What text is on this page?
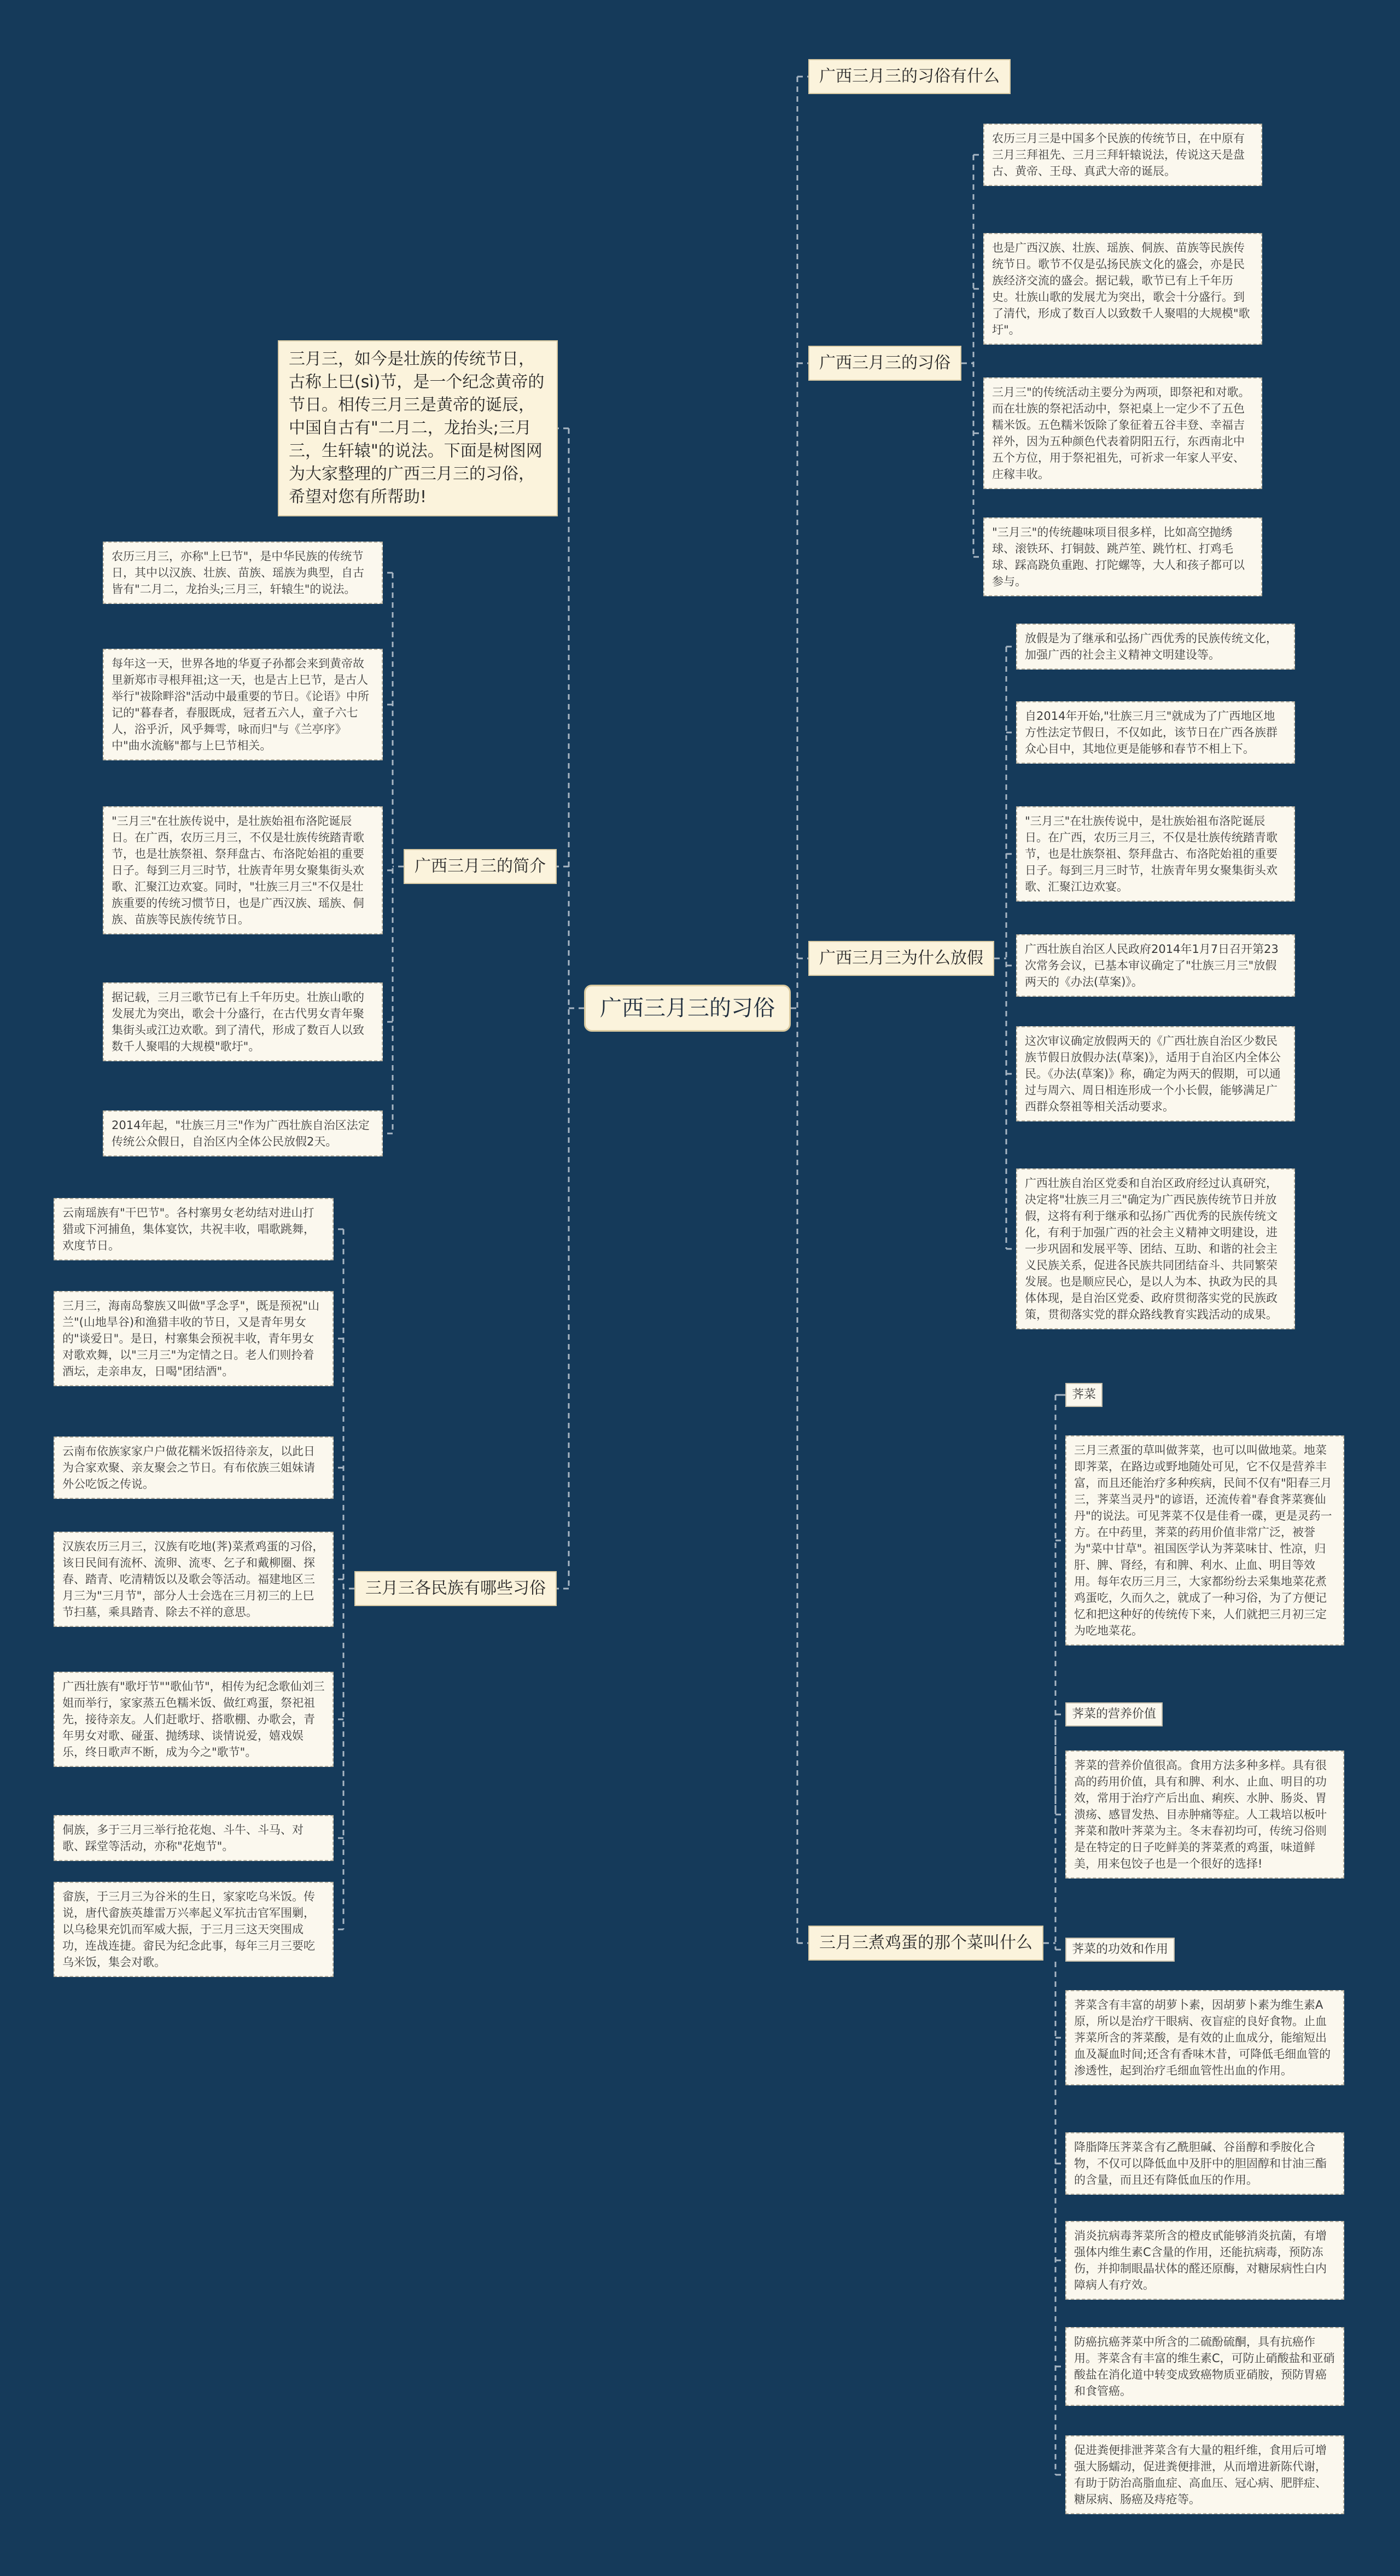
广西三月三的习俗
三月三，如今是壮族的传统节日，古称上巳(sì)节，是一个纪念黄帝的节日。相传三月三是黄帝的诞辰，中国自古有"二月二，龙抬头;三月三，生轩辕"的说法。下面是树图网为大家整理的广西三月三的习俗，希望对您有所帮助!
广西三月三的习俗有什么
广西三月三的习俗
广西三月三为什么放假
三月三煮鸡蛋的那个菜叫什么
广西三月三的简介
三月三各民族有哪些习俗
农历三月三是中国多个民族的传统节日，在中原有三月三拜祖先、三月三拜轩辕说法，传说这天是盘古、黄帝、王母、真武大帝的诞辰。
也是广西汉族、壮族、瑶族、侗族、苗族等民族传统节日。歌节不仅是弘扬民族文化的盛会，亦是民族经济交流的盛会。据记载，歌节已有上千年历史。壮族山歌的发展尤为突出，歌会十分盛行。到了清代，形成了数百人以致数千人聚唱的大规模"歌圩"。
三月三"的传统活动主要分为两项，即祭祀和对歌。而在壮族的祭祀活动中，祭祀桌上一定少不了五色糯米饭。五色糯米饭除了象征着五谷丰登、幸福吉祥外，因为五种颜色代表着阴阳五行，东西南北中五个方位，用于祭祀祖先，可祈求一年家人平安、庄稼丰收。
"三月三"的传统趣味项目很多样，比如高空抛绣球、滚铁环、打铜鼓、跳芦笙、跳竹杠、打鸡毛球、踩高跷负重跑、打陀螺等，大人和孩子都可以参与。
放假是为了继承和弘扬广西优秀的民族传统文化，加强广西的社会主义精神文明建设等。
自2014年开始,"壮族三月三"就成为了广西地区地方性法定节假日，不仅如此，该节日在广西各族群众心目中，其地位更是能够和春节不相上下。
"三月三"在壮族传说中，是壮族始祖布洛陀诞辰日。在广西，农历三月三，不仅是壮族传统踏青歌节，也是壮族祭祖、祭拜盘古、布洛陀始祖的重要日子。每到三月三时节，壮族青年男女聚集街头欢歌、汇聚江边欢宴。
广西壮族自治区人民政府2014年1月7日召开第23次常务会议，已基本审议确定了"壮族三月三"放假两天的《办法(草案)》。
这次审议确定放假两天的《广西壮族自治区少数民族节假日放假办法(草案)》，适用于自治区内全体公民。《办法(草案)》称，确定为两天的假期，可以通过与周六、周日相连形成一个小长假，能够满足广西群众祭祖等相关活动要求。
广西壮族自治区党委和自治区政府经过认真研究，决定将"壮族三月三"确定为广西民族传统节日并放假，这将有利于继承和弘扬广西优秀的民族传统文化，有利于加强广西的社会主义精神文明建设，进一步巩固和发展平等、团结、互助、和谐的社会主义民族关系，促进各民族共同团结奋斗、共同繁荣发展。也是顺应民心，是以人为本、执政为民的具体体现，是自治区党委、政府贯彻落实党的民族政策，贯彻落实党的群众路线教育实践活动的成果。
荠菜
三月三煮蛋的草叫做荠菜，也可以叫做地菜。地菜即荠菜，在路边或野地随处可见，它不仅是营养丰富，而且还能治疗多种疾病，民间不仅有"阳春三月三，荠菜当灵丹"的谚语，还流传着"春食荠菜赛仙丹"的说法。可见荠菜不仅是佳肴一碟，更是灵药一方。在中药里，荠菜的药用价值非常广泛，被誉为"菜中甘草"。祖国医学认为荠菜味甘、性凉，归肝、脾、肾经，有和脾、利水、止血、明目等效用。每年农历三月三，大家都纷纷去采集地菜花煮鸡蛋吃，久而久之，就成了一种习俗，为了方便记忆和把这种好的传统传下来，人们就把三月初三定为吃地菜花。
荠菜的营养价值
荠菜的营养价值很高。食用方法多种多样。具有很高的药用价值，具有和脾、利水、止血、明目的功效，常用于治疗产后出血、痢疾、水肿、肠炎、胃溃疡、感冒发热、目赤肿痛等症。人工栽培以板叶荠菜和散叶荠菜为主。冬末春初均可，传统习俗则是在特定的日子吃鲜美的荠菜煮的鸡蛋，味道鲜美，用来包饺子也是一个很好的选择!
荠菜的功效和作用
荠菜含有丰富的胡萝卜素，因胡萝卜素为维生素A原，所以是治疗干眼病、夜盲症的良好食物。止血荠菜所含的荠菜酸，是有效的止血成分，能缩短出血及凝血时间;还含有香味木昔，可降低毛细血管的渗透性，起到治疗毛细血管性出血的作用。
降脂降压荠菜含有乙酰胆碱、谷甾醇和季胺化合物，不仅可以降低血中及肝中的胆固醇和甘油三酯的含量，而且还有降低血压的作用。
消炎抗病毒荠菜所含的橙皮甙能够消炎抗菌，有增强体内维生素C含量的作用，还能抗病毒，预防冻伤，并抑制眼晶状体的醛还原酶，对糖尿病性白内障病人有疗效。
防癌抗癌荠菜中所含的二硫酚硫酮，具有抗癌作用。荠菜含有丰富的维生素C，可防止硝酸盐和亚硝酸盐在消化道中转变成致癌物质亚硝胺，预防胃癌和食管癌。
促进粪便排泄荠菜含有大量的粗纤维，食用后可增强大肠蠕动，促进粪便排泄，从而增进新陈代谢，有助于防治高脂血症、高血压、冠心病、肥胖症、糖尿病、肠癌及痔疮等。
农历三月三，亦称"上巳节"，是中华民族的传统节日，其中以汉族、壮族、苗族、瑶族为典型，自古皆有"二月二，龙抬头;三月三，轩辕生"的说法。
每年这一天，世界各地的华夏子孙都会来到黄帝故里新郑市寻根拜祖;这一天，也是古上巳节，是古人举行"祓除畔浴"活动中最重要的节日。《论语》中所记的"暮春者，春服既成，冠者五六人，童子六七人，浴乎沂，风乎舞雩，咏而归"与《兰亭序》中"曲水流觞"都与上巳节相关。
"三月三"在壮族传说中，是壮族始祖布洛陀诞辰日。在广西，农历三月三，不仅是壮族传统踏青歌节，也是壮族祭祖、祭拜盘古、布洛陀始祖的重要日子。每到三月三时节，壮族青年男女聚集街头欢歌、汇聚江边欢宴。同时，"壮族三月三"不仅是壮族重要的传统习惯节日，也是广西汉族、瑶族、侗族、苗族等民族传统节日。
据记载，三月三歌节已有上千年历史。壮族山歌的发展尤为突出，歌会十分盛行，在古代男女青年聚集街头或江边欢歌。到了清代，形成了数百人以致数千人聚唱的大规模"歌圩"。
2014年起，"壮族三月三"作为广西壮族自治区法定传统公众假日，自治区内全体公民放假2天。
云南瑶族有"干巴节"。各村寨男女老幼结对进山打猎或下河捕鱼，集体宴饮，共祝丰收，唱歌跳舞，欢度节日。
三月三，海南岛黎族又叫做"孚念孚"，既是预祝"山兰"(山地旱谷)和渔猎丰收的节日，又是青年男女的"谈爱日"。是日，村寨集会预祝丰收，青年男女对歌欢舞，以"三月三"为定情之日。老人们则拎着酒坛，走亲串友，日喝"团结酒"。
云南布依族家家户户做花糯米饭招待亲友，以此日为合家欢聚、亲友聚会之节日。有布依族三姐妹请外公吃饭之传说。
汉族农历三月三，汉族有吃地(荠)菜煮鸡蛋的习俗，该日民间有流杯、流卵、流枣、乞子和戴柳圈、探春、踏青、吃清精饭以及歌会等活动。福建地区三月三为"三月节"，部分人士会选在三月初三的上巳节扫墓，乘具踏青、除去不祥的意思。
广西壮族有"歌圩节""歌仙节"，相传为纪念歌仙刘三姐而举行，家家蒸五色糯米饭、做红鸡蛋，祭祀祖先，接待亲友。人们赶歌圩、搭歌棚、办歌会，青年男女对歌、碰蛋、抛绣球、谈情说爱，嬉戏娱乐，终日歌声不断，成为今之"歌节"。
侗族，多于三月三举行抢花炮、斗牛、斗马、对歌、踩堂等活动，亦称"花炮节"。
畲族，于三月三为谷米的生日，家家吃乌米饭。传说，唐代畲族英雄雷万兴率起义军抗击官军围剿，以乌稔果充饥而军威大振，于三月三这天突围成功，连战连捷。畲民为纪念此事，每年三月三要吃乌米饭，集会对歌。
